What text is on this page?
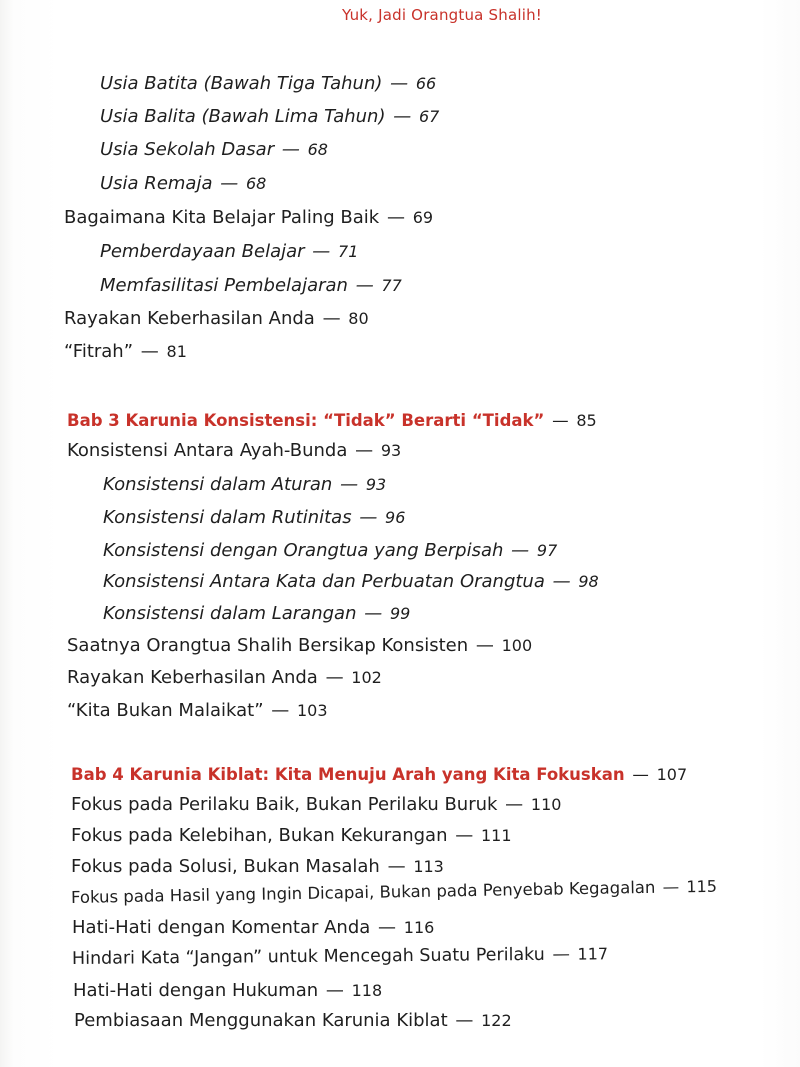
Yuk, Jadi Orangtua Shalih!
Usia Batita (Bawah Tiga Tahun) — 66
Usia Balita (Bawah Lima Tahun) — 67
Usia Sekolah Dasar — 68
Usia Remaja — 68
Bagaimana Kita Belajar Paling Baik — 69
Pemberdayaan Belajar — 71
Memfasilitasi Pembelajaran — 77
Rayakan Keberhasilan Anda — 80
“Fitrah” — 81
Bab 3 Karunia Konsistensi: “Tidak” Berarti “Tidak” — 85
Konsistensi Antara Ayah-Bunda — 93
Konsistensi dalam Aturan — 93
Konsistensi dalam Rutinitas — 96
Konsistensi dengan Orangtua yang Berpisah — 97
Konsistensi Antara Kata dan Perbuatan Orangtua — 98
Konsistensi dalam Larangan — 99
Saatnya Orangtua Shalih Bersikap Konsisten — 100
Rayakan Keberhasilan Anda — 102
“Kita Bukan Malaikat” — 103
Bab 4 Karunia Kiblat: Kita Menuju Arah yang Kita Fokuskan — 107
Fokus pada Perilaku Baik, Bukan Perilaku Buruk — 110
Fokus pada Kelebihan, Bukan Kekurangan — 111
Fokus pada Solusi, Bukan Masalah — 113
Fokus pada Hasil yang Ingin Dicapai, Bukan pada Penyebab Kegagalan — 115
Hati-Hati dengan Komentar Anda — 116
Hindari Kata “Jangan” untuk Mencegah Suatu Perilaku — 117
Hati-Hati dengan Hukuman — 118
Pembiasaan Menggunakan Karunia Kiblat — 122
